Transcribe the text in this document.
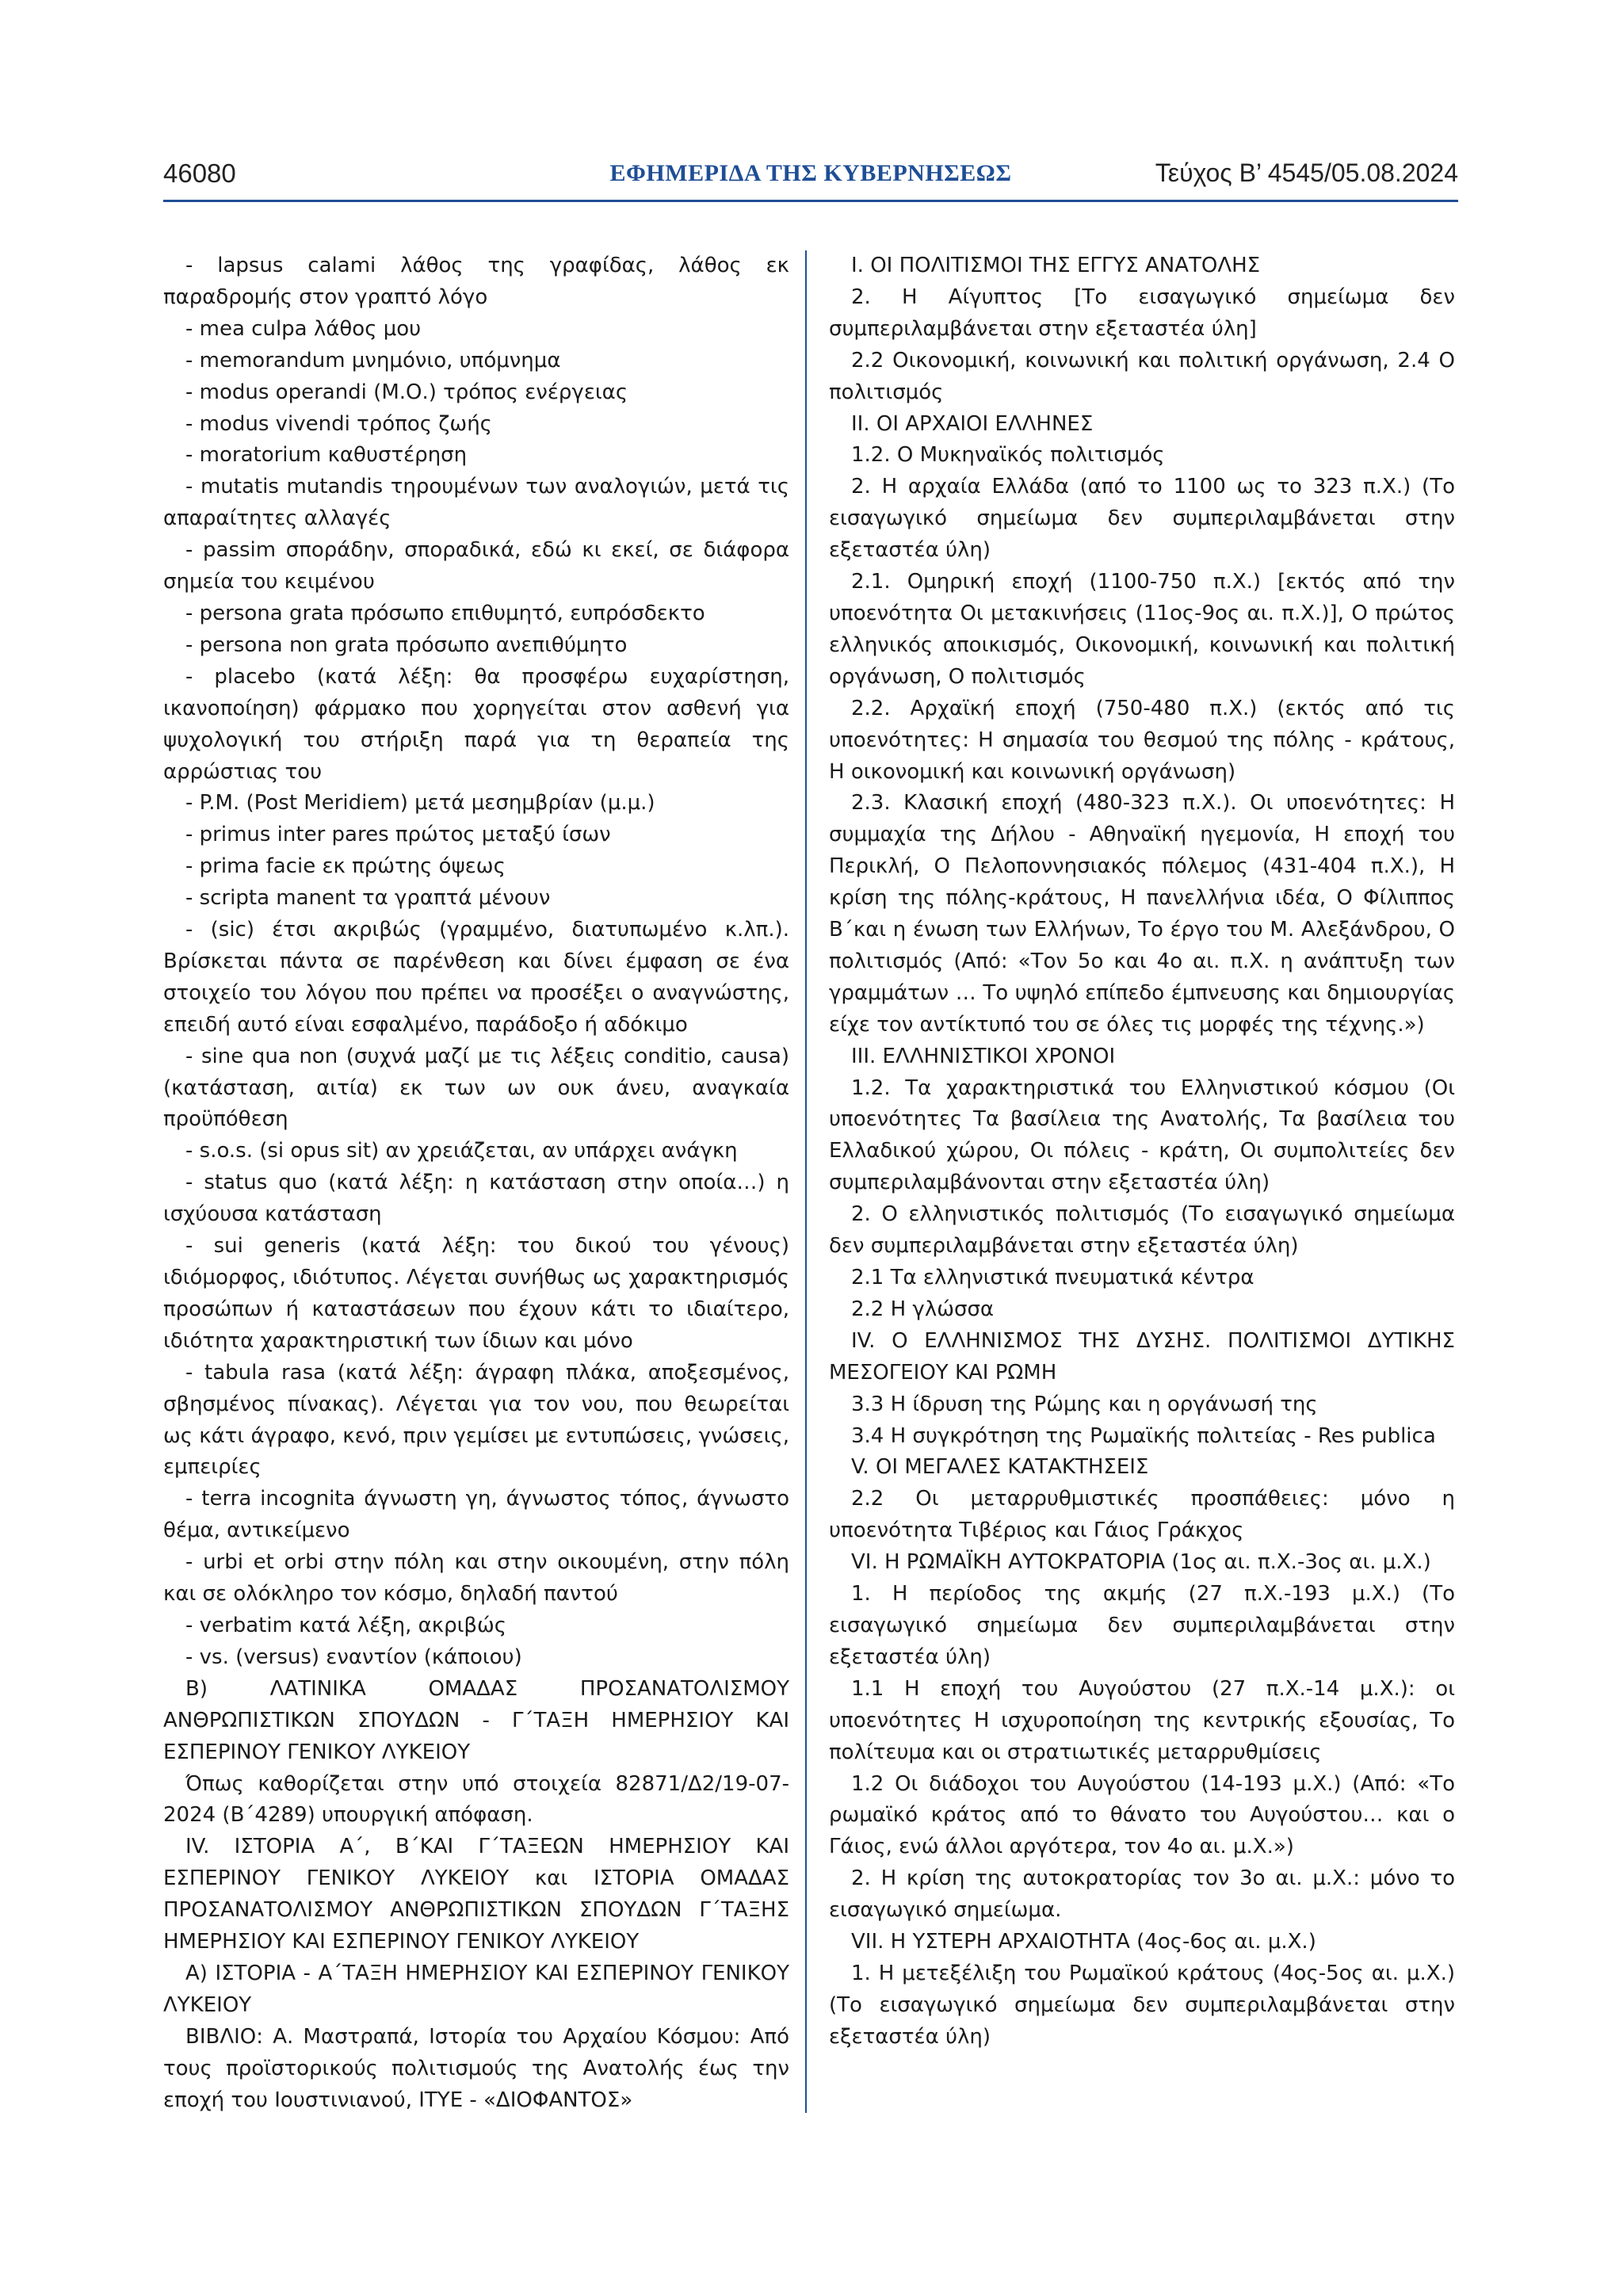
46080	ΕΦΗΜΕΡΙΔΑ ΤΗΣ ΚΥΒΕΡΝΗΣΕΩΣ	Τεύχος Β’ 4545/05.08.2024

- lapsus calami λάθος της γραφίδας, λάθος εκ παραδρομής στον γραπτό λόγο

- mea culpa λάθος μου

- memorandum μνημόνιο, υπόμνημα

- modus operandi (Μ.Ο.) τρόπος ενέργειας

- modus vivendi τρόπος ζωής

- moratorium καθυστέρηση

- mutatis mutandis τηρουμένων των αναλογιών, μετά τις απαραίτητες αλλαγές

- passim σποράδην, σποραδικά, εδώ κι εκεί, σε διάφορα σημεία του κειμένου

- persona grata πρόσωπο επιθυμητό, ευπρόσδεκτο

- persona non grata πρόσωπο ανεπιθύμητο

- placebo (κατά λέξη: θα προσφέρω ευχαρίστηση, ικανοποίηση) φάρμακο που χορηγείται στον ασθενή για ψυχολογική του στήριξη παρά για τη θεραπεία της αρρώστιας του

- P.M. (Post Meridiem) μετά μεσημβρίαν (μ.μ.)

- primus inter pares πρώτος μεταξύ ίσων

- prima facie εκ πρώτης όψεως

- scripta manent τα γραπτά μένουν

- (sic) έτσι ακριβώς (γραμμένο, διατυπωμένο κ.λπ.). Βρίσκεται πάντα σε παρένθεση και δίνει έμφαση σε ένα στοιχείο του λόγου που πρέπει να προσέξει ο αναγνώστης, επειδή αυτό είναι εσφαλμένο, παράδοξο ή αδόκιμο

- sine qua non (συχνά μαζί με τις λέξεις conditio, causa) (κατάσταση, αιτία) εκ των ων ουκ άνευ, αναγκαία προϋπόθεση

- s.o.s. (si opus sit) αν χρειάζεται, αν υπάρχει ανάγκη

- status quo (κατά λέξη: η κατάσταση στην οποία…) η ισχύουσα κατάσταση

- sui generis (κατά λέξη: του δικού του γένους) ιδιόμορφος, ιδιότυπος. Λέγεται συνήθως ως χαρακτηρισμός προσώπων ή καταστάσεων που έχουν κάτι το ιδιαίτερο, ιδιότητα χαρακτηριστική των ίδιων και μόνο

- tabula rasa (κατά λέξη: άγραφη πλάκα, αποξεσμένος, σβησμένος πίνακας). Λέγεται για τον νου, που θεωρείται ως κάτι άγραφο, κενό, πριν γεμίσει με εντυπώσεις, γνώσεις, εμπειρίες

- terra incognita άγνωστη γη, άγνωστος τόπος, άγνωστο θέμα, αντικείμενο

- urbi et orbi στην πόλη και στην οικουμένη, στην πόλη και σε ολόκληρο τον κόσμο, δηλαδή παντού

- verbatim κατά λέξη, ακριβώς

- vs. (versus) εναντίον (κάποιου)

Β) ΛΑΤΙΝΙΚΑ ΟΜΑΔΑΣ ΠΡΟΣΑΝΑΤΟΛΙΣΜΟΥ ΑΝΘΡΩΠΙΣΤΙΚΩΝ ΣΠΟΥΔΩΝ - Γ΄ΤΑΞΗ ΗΜΕΡΗΣΙΟΥ ΚΑΙ ΕΣΠΕΡΙΝΟΥ ΓΕΝΙΚΟΥ ΛΥΚΕΙΟΥ

Όπως καθορίζεται στην υπό στοιχεία 82871/Δ2/19-07-2024 (Β΄4289) υπουργική απόφαση.

IV. ΙΣΤΟΡΙΑ Α΄, Β΄ΚΑΙ Γ΄ΤΑΞΕΩΝ ΗΜΕΡΗΣΙΟΥ ΚΑΙ ΕΣΠΕΡΙΝΟΥ ΓΕΝΙΚΟΥ ΛΥΚΕΙΟΥ και ΙΣΤΟΡΙΑ ΟΜΑΔΑΣ ΠΡΟΣΑΝΑΤΟΛΙΣΜΟΥ ΑΝΘΡΩΠΙΣΤΙΚΩΝ ΣΠΟΥΔΩΝ Γ΄ΤΑΞΗΣ ΗΜΕΡΗΣΙΟΥ ΚΑΙ ΕΣΠΕΡΙΝΟΥ ΓΕΝΙΚΟΥ ΛΥΚΕΙΟΥ

Α) ΙΣΤΟΡΙΑ - Α΄ΤΑΞΗ ΗΜΕΡΗΣΙΟΥ ΚΑΙ ΕΣΠΕΡΙΝΟΥ ΓΕΝΙΚΟΥ ΛΥΚΕΙΟΥ

ΒΙΒΛΙΟ: Α. Μαστραπά, Ιστορία του Αρχαίου Κόσμου: Από τους προϊστορικούς πολιτισμούς της Ανατολής έως την εποχή του Ιουστινιανού, ΙΤΥΕ - «ΔΙΟΦΑΝΤΟΣ»

Ι. ΟΙ ΠΟΛΙΤΙΣΜΟΙ ΤΗΣ ΕΓΓΥΣ ΑΝΑΤΟΛΗΣ

2. Η Αίγυπτος [Το εισαγωγικό σημείωμα δεν συμπεριλαμβάνεται στην εξεταστέα ύλη]

2.2 Οικονομική, κοινωνική και πολιτική οργάνωση, 2.4 Ο πολιτισμός

ΙΙ. ΟΙ ΑΡΧΑΙΟΙ ΕΛΛΗΝΕΣ

1.2. Ο Μυκηναϊκός πολιτισμός

2. Η αρχαία Ελλάδα (από το 1100 ως το 323 π.Χ.) (Το εισαγωγικό σημείωμα δεν συμπεριλαμβάνεται στην εξεταστέα ύλη)

2.1. Ομηρική εποχή (1100-750 π.Χ.) [εκτός από την υποενότητα Οι μετακινήσεις (11ος-9ος αι. π.Χ.)], Ο πρώτος ελληνικός αποικισμός, Οικονομική, κοινωνική και πολιτική οργάνωση, Ο πολιτισμός

2.2. Αρχαϊκή εποχή (750-480 π.Χ.) (εκτός από τις υποενότητες: Η σημασία του θεσμού της πόλης - κράτους, Η οικονομική και κοινωνική οργάνωση)

2.3. Κλασική εποχή (480-323 π.Χ.). Οι υποενότητες: Η συμμαχία της Δήλου - Αθηναϊκή ηγεμονία, Η εποχή του Περικλή, Ο Πελοποννησιακός πόλεμος (431-404 π.Χ.), Η κρίση της πόλης-κράτους, Η πανελλήνια ιδέα, Ο Φίλιππος Β΄και η ένωση των Ελλήνων, Το έργο του Μ. Αλεξάνδρου, Ο πολιτισμός (Από: «Τον 5ο και 4ο αι. π.Χ. η ανάπτυξη των γραμμάτων … Το υψηλό επίπεδο έμπνευσης και δημιουργίας είχε τον αντίκτυπό του σε όλες τις μορφές της τέχνης.»)

ΙΙΙ. ΕΛΛΗΝΙΣΤΙΚΟΙ ΧΡΟΝΟΙ

1.2. Τα χαρακτηριστικά του Ελληνιστικού κόσμου (Οι υποενότητες Τα βασίλεια της Ανατολής, Τα βασίλεια του Ελλαδικού χώρου, Οι πόλεις - κράτη, Οι συμπολιτείες δεν συμπεριλαμβάνονται στην εξεταστέα ύλη)

2. Ο ελληνιστικός πολιτισμός (Το εισαγωγικό σημείωμα δεν συμπεριλαμβάνεται στην εξεταστέα ύλη)

2.1 Τα ελληνιστικά πνευματικά κέντρα

2.2 Η γλώσσα

IV. Ο ΕΛΛΗΝΙΣΜΟΣ ΤΗΣ ΔΥΣΗΣ. ΠΟΛΙΤΙΣΜΟΙ ΔΥΤΙΚΗΣ ΜΕΣΟΓΕΙΟΥ ΚΑΙ ΡΩΜΗ

3.3 Η ίδρυση της Ρώμης και η οργάνωσή της

3.4 Η συγκρότηση της Ρωμαϊκής πολιτείας - Res publica

V. ΟΙ ΜΕΓΑΛΕΣ ΚΑΤΑΚΤΗΣΕΙΣ

2.2 Οι μεταρρυθμιστικές προσπάθειες: μόνο η υποενότητα Τιβέριος και Γάιος Γράκχος

VI. Η ΡΩΜΑΪΚΗ ΑΥΤΟΚΡΑΤΟΡΙΑ (1ος αι. π.Χ.-3ος αι. μ.Χ.)

1. Η περίοδος της ακμής (27 π.Χ.-193 μ.Χ.) (Το εισαγωγικό σημείωμα δεν συμπεριλαμβάνεται στην εξεταστέα ύλη)

1.1 Η εποχή του Αυγούστου (27 π.Χ.-14 μ.Χ.): οι υποενότητες Η ισχυροποίηση της κεντρικής εξουσίας, Το πολίτευμα και οι στρατιωτικές μεταρρυθμίσεις

1.2 Οι διάδοχοι του Αυγούστου (14-193 μ.Χ.) (Από: «Το ρωμαϊκό κράτος από το θάνατο του Αυγούστου… και ο Γάιος, ενώ άλλοι αργότερα, τον 4ο αι. μ.Χ.»)

2. Η κρίση της αυτοκρατορίας τον 3ο αι. μ.Χ.: μόνο το εισαγωγικό σημείωμα.

VII. Η ΥΣΤΕΡΗ ΑΡΧΑΙΟΤΗΤΑ (4ος-6ος αι. μ.Χ.)

1. Η μετεξέλιξη του Ρωμαϊκού κράτους (4ος-5ος αι. μ.Χ.) (Το εισαγωγικό σημείωμα δεν συμπεριλαμβάνεται στην εξεταστέα ύλη)
